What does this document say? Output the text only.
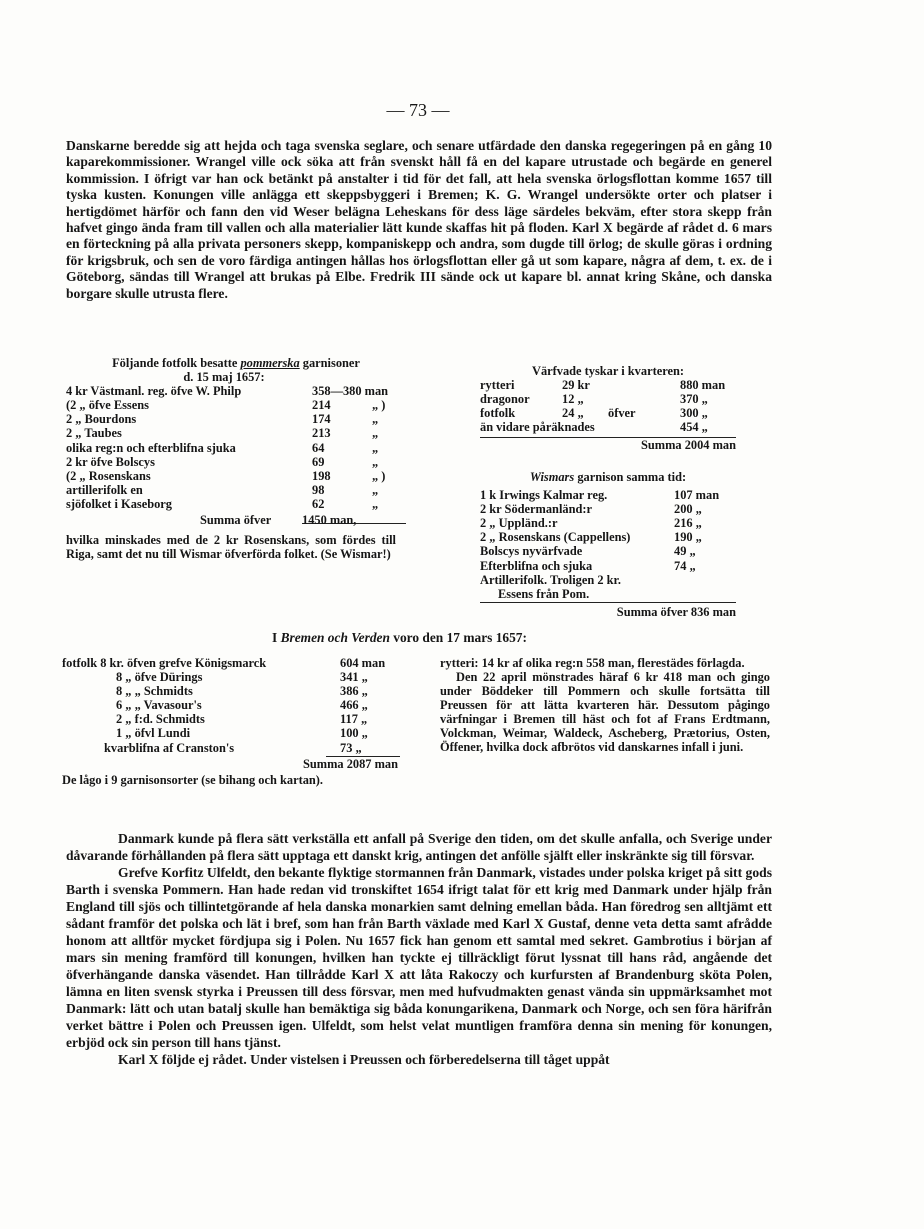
— 73 —

Danskarne beredde sig att hejda och taga svenska seglare, och senare utfärdade den danska regegeringen på en gång 10 kaparekommissioner. Wrangel ville ock söka att från svenskt håll få en del kapare utrustade och begärde en generel kommission. I öfrigt var han ock betänkt på anstalter i tid för det fall, att hela svenska örlogsflottan komme 1657 till tyska kusten. Konungen ville anlägga ett skeppsbyggeri i Bremen; K. G. Wrangel undersökte orter och platser i hertigdömet härför och fann den vid Weser belägna Leheskans för dess läge särdeles bekväm, efter stora skepp från hafvet gingo ända fram till vallen och alla materialier lätt kunde skaffas hit på floden. Karl X begärde af rådet d. 6 mars en förteckning på alla privata personers skepp, kompaniskepp och andra, som dugde till örlog; de skulle göras i ordning för krigsbruk, och sen de voro färdiga antingen hållas hos örlogsflottan eller gå ut som kapare, några af dem, t. ex. de i Göteborg, sändas till Wrangel att brukas på Elbe. Fredrik III sände ock ut kapare bl. annat kring Skåne, och danska borgare skulle utrusta flere.

Följande fotfolk besatte pommerska garnisoner
d. 15 maj 1657:
4 kr Västmanl. reg. öfve W. Philp	358—380 man
(2 „ öfve Essens	214	„ )
2 „ Bourdons	174	„
2 „ Taubes	213	„
olika reg:n och efterblifna sjuka	64	„
2 kr öfve Bolscys	69	„
(2 „ Rosenskans	198	„ )
artillerifolk en	98	„
sjöfolket i Kaseborg	62	„
Summa öfver 1450 man,
hvilka minskades med de 2 kr Rosenskans, som fördes till Riga, samt det nu till Wismar öfverförda folket. (Se Wismar!)
Värfvade tyskar i kvarteren:
rytteri	29 kr	880 man
dragonor	12 „	370 „
fotfolk	24 „ öfver	300 „
än vidare påräknades	454 „
Summa 2004 man
Wismars garnison samma tid:
1 k Irwings Kalmar reg.	107 man
2 kr Södermanländ:r	200 „
2 „ Uppländ.:r	216 „
2 „ Rosenskans (Cappellens)	190 „
Bolscys nyvärfvade	49 „
Efterblifna och sjuka	74 „
Artillerifolk. Troligen 2 kr.
Essens från Pom.
Summa öfver 836 man
I Bremen och Verden voro den 17 mars 1657:
fotfolk 8 kr. öfven grefve Königsmarck	604 man
8 „ öfve Dürings	341 „
8 „ „ Schmidts	386 „
6 „ „ Vavasour's	466 „
2 „ f:d. Schmidts	117 „
1 „ öfvl Lundi	100 „
kvarblifna af Cranston's	73 „
Summa 2087 man
De lågo i 9 garnisonsorter (se bihang och kartan).
rytteri: 14 kr af olika reg:n 558 man, flerestädes förlagda.
Den 22 april mönstrades häraf 6 kr 418 man och gingo under Böddeker till Pommern och skulle fortsätta till Preussen för att lätta kvarteren här. Dessutom pågingo värfningar i Bremen till häst och fot af Frans Erdtmann, Volckman, Weimar, Waldeck, Ascheberg, Prætorius, Osten, Öffener, hvilka dock afbrötos vid danskarnes infall i juni.

Danmark kunde på flera sätt verkställa ett anfall på Sverige den tiden, om det skulle anfalla, och Sverige under dåvarande förhållanden på flera sätt upptaga ett danskt krig, antingen det anfölle själft eller inskränkte sig till försvar.

Grefve Korfitz Ulfeldt, den bekante flyktige stormannen från Danmark, vistades under polska kriget på sitt gods Barth i svenska Pommern. Han hade redan vid tronskiftet 1654 ifrigt talat för ett krig med Danmark under hjälp från England till sjös och tillintetgörande af hela danska monarkien samt delning emellan båda. Han föredrog sen alltjämt ett sådant framför det polska och lät i bref, som han från Barth växlade med Karl X Gustaf, denne veta detta samt afrådde honom att alltför mycket fördjupa sig i Polen. Nu 1657 fick han genom ett samtal med sekret. Gambrotius i början af mars sin mening framförd till konungen, hvilken han tyckte ej tillräckligt förut lyssnat till hans råd, angående det öfverhängande danska väsendet. Han tillrådde Karl X att låta Rakoczy och kurfursten af Brandenburg sköta Polen, lämna en liten svensk styrka i Preussen till dess försvar, men med hufvudmakten genast vända sin uppmärksamhet mot Danmark: lätt och utan batalj skulle han bemäktiga sig båda konungarikena, Danmark och Norge, och sen föra härifrån verket bättre i Polen och Preussen igen. Ulfeldt, som helst velat muntligen framföra denna sin mening för konungen, erbjöd ock sin person till hans tjänst.

Karl X följde ej rådet. Under vistelsen i Preussen och förberedelserna till tåget uppåt
